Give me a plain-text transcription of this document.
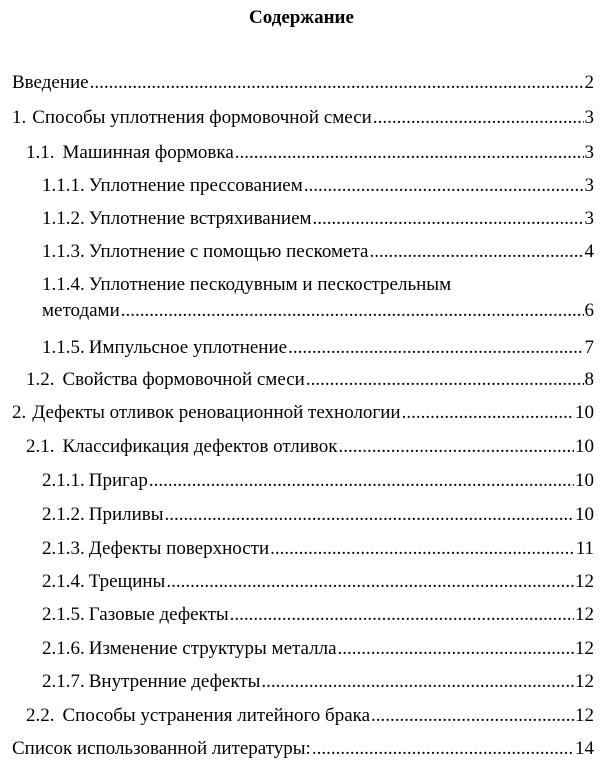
Содержание
Введение .....	2
1. Способы уплотнения формовочной смеси .....	3
1.1. Машинная формовка .....	3
1.1.1. Уплотнение прессованием .....	3
1.1.2. Уплотнение встряхиванием .....	3
1.1.3. Уплотнение с помощью пескомета .....	4
1.1.4. Уплотнение пескодувным и пескострельным
методами .....	6
1.1.5. Импульсное уплотнение .....	7
1.2. Свойства формовочной смеси .....	8
2. Дефекты отливок реновационной технологии .....	10
2.1. Классификация дефектов отливок .....	10
2.1.1. Пригар .....	10
2.1.2. Приливы .....	10
2.1.3. Дефекты поверхности .....	11
2.1.4. Трещины .....	12
2.1.5. Газовые дефекты .....	12
2.1.6. Изменение структуры металла .....	12
2.1.7. Внутренние дефекты .....	12
2.2. Способы устранения литейного брака .....	12
Список использованной литературы: .....	14
